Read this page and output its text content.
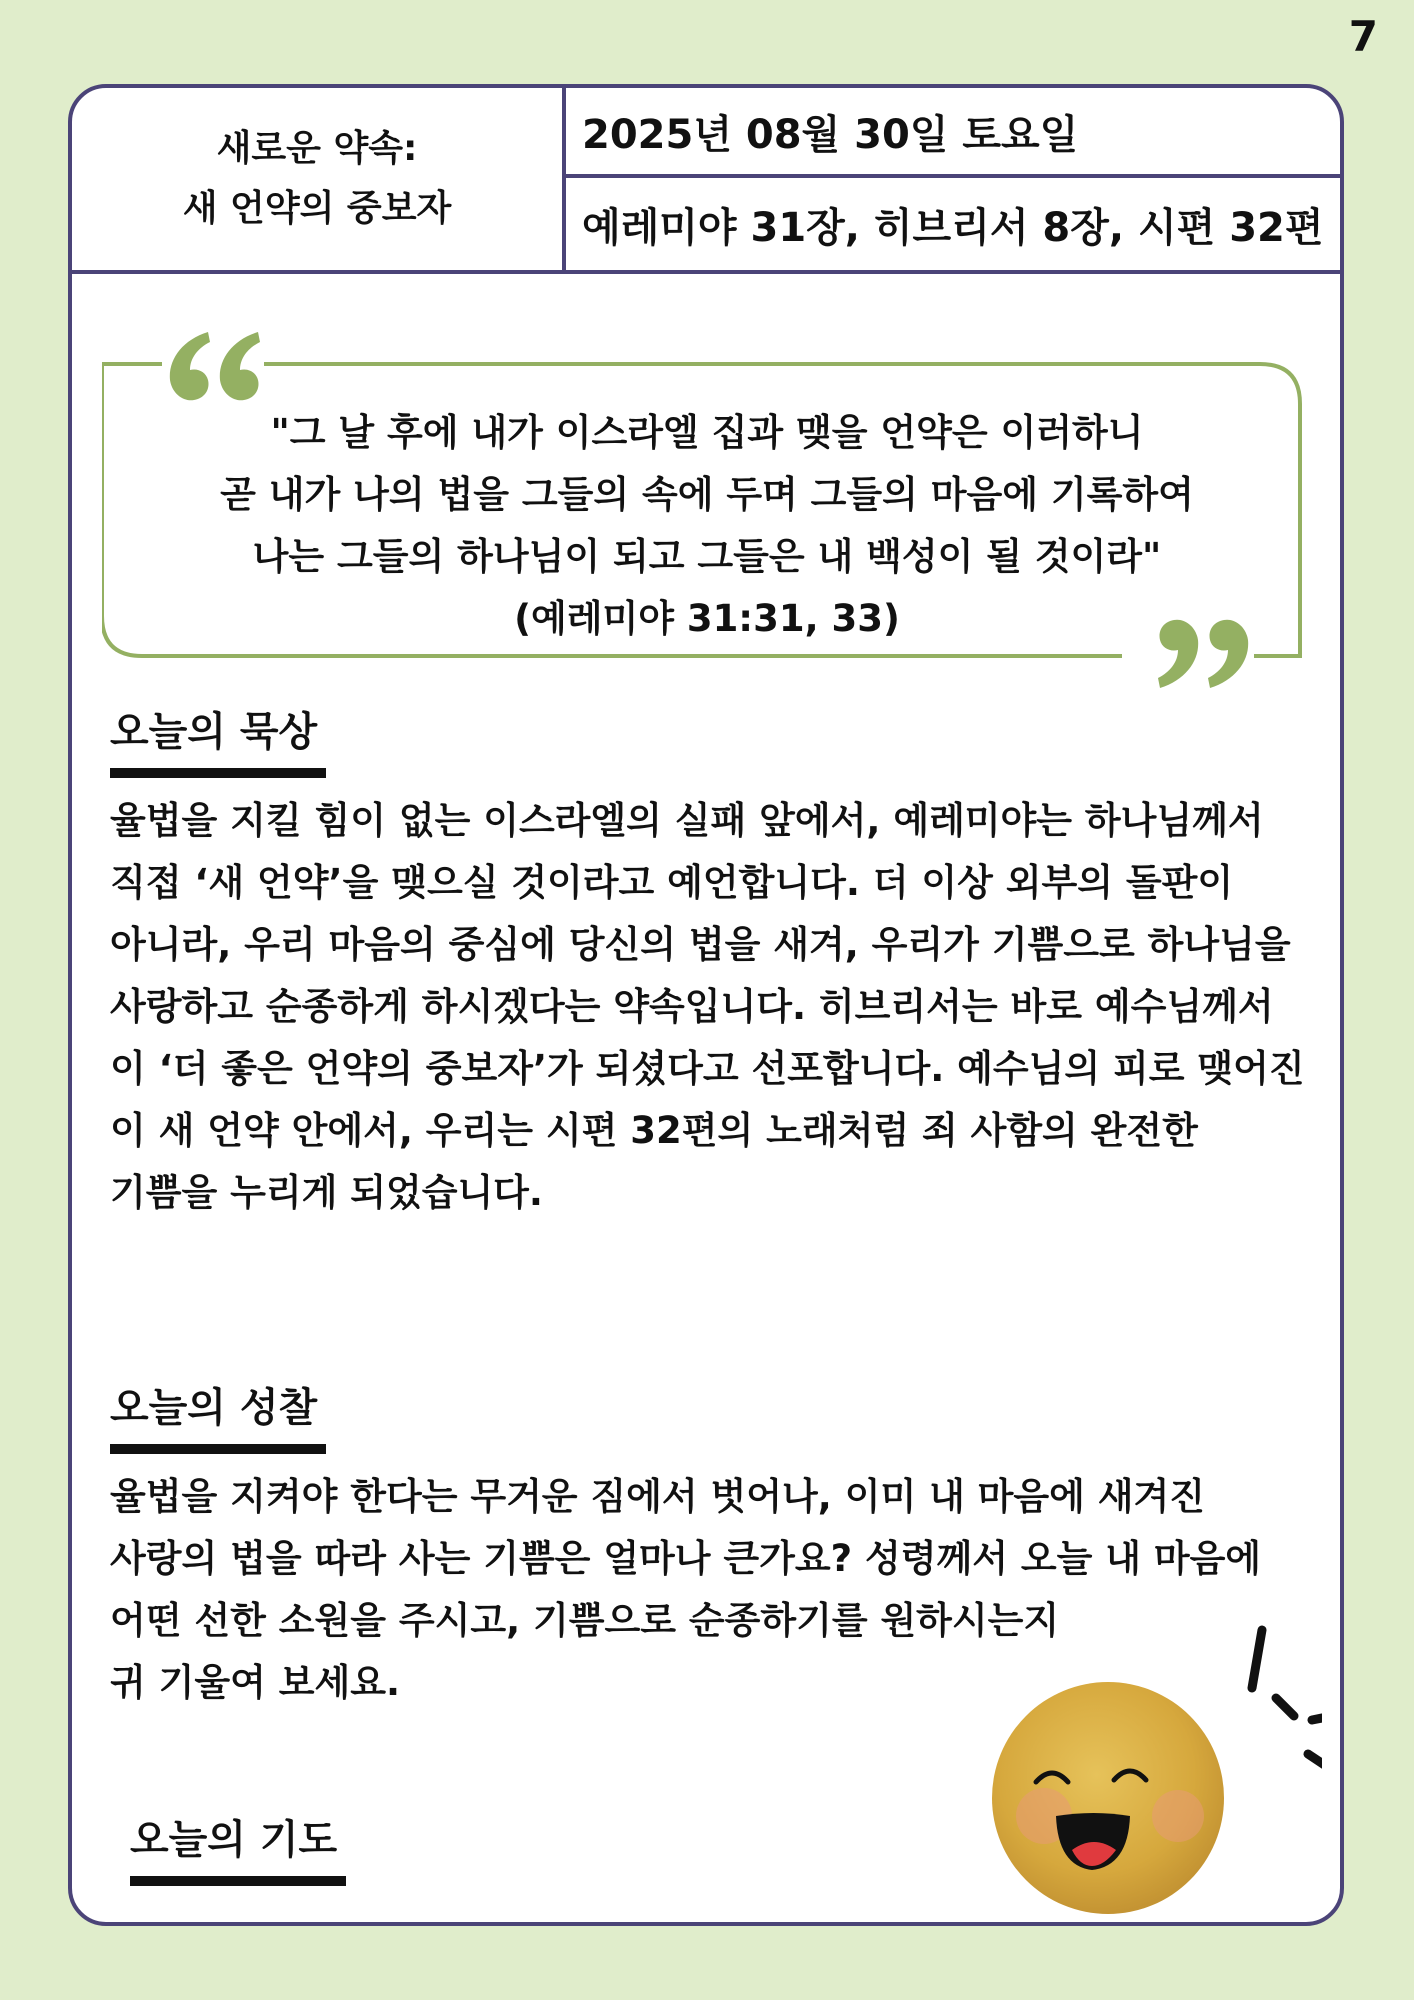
7
새로운 약속:
새 언약의 중보자
2025년 08월 30일 토요일
예레미야 31장, 히브리서 8장, 시편 32편
"그 날 후에 내가 이스라엘 집과 맺을 언약은 이러하니
곧 내가 나의 법을 그들의 속에 두며 그들의 마음에 기록하여
나는 그들의 하나님이 되고 그들은 내 백성이 될 것이라"
(예레미야 31:31, 33)
오늘의 묵상
율법을 지킬 힘이 없는 이스라엘의 실패 앞에서, 예레미야는 하나님께서
직접 ‘새 언약’을 맺으실 것이라고 예언합니다. 더 이상 외부의 돌판이
아니라, 우리 마음의 중심에 당신의 법을 새겨, 우리가 기쁨으로 하나님을
사랑하고 순종하게 하시겠다는 약속입니다. 히브리서는 바로 예수님께서
이 ‘더 좋은 언약의 중보자’가 되셨다고 선포합니다. 예수님의 피로 맺어진
이 새 언약 안에서, 우리는 시편 32편의 노래처럼 죄 사함의 완전한
기쁨을 누리게 되었습니다.
오늘의 성찰
율법을 지켜야 한다는 무거운 짐에서 벗어나, 이미 내 마음에 새겨진
사랑의 법을 따라 사는 기쁨은 얼마나 큰가요? 성령께서 오늘 내 마음에
어떤 선한 소원을 주시고, 기쁨으로 순종하기를 원하시는지
귀 기울여 보세요.
오늘의 기도
